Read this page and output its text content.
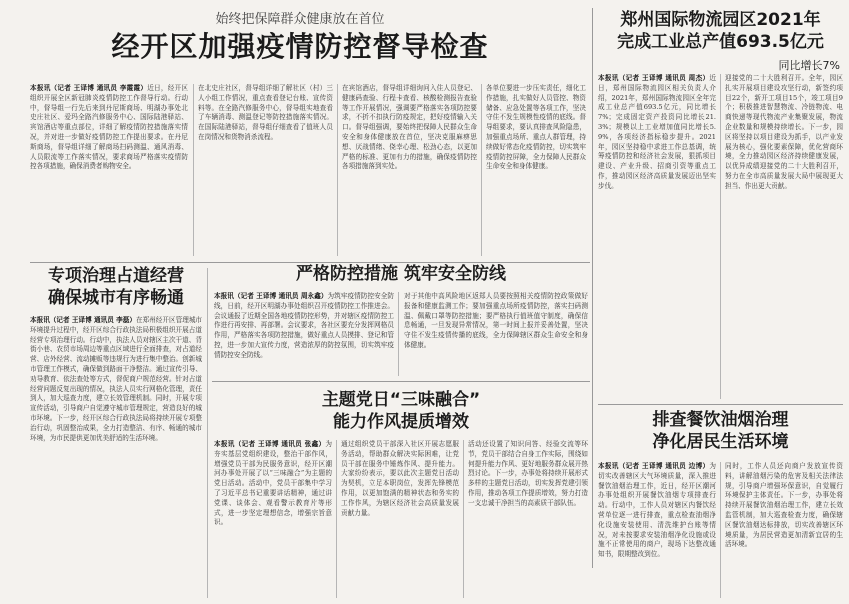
始终把保障群众健康放在首位
经开区加强疫情防控督导检查
本报讯（记者 王译博 通讯员 李霞霞）近日，经开区组织开展全区新冠肺炎疫情防控工作督导行动。行动中，督导组一行先后来到丹尼斯商场、明湖办事处北史庄社区、爱玛全路汽修服务中心、国际陆港驿站、宾馆酒店等重点部位，详细了解疫情防控措施落实情况，并对进一步做好疫情防控工作提出要求。在丹尼斯商场，督导组详细了解商场扫码测温、通风消毒、人员限流等工作落实情况，要求商场严格落实疫情防控各项措施，确保消费者购物安全。
在北史庄社区，督导组详细了解社区（村）三人小组工作情况，重点查看登记台账、宣传资料等。在全路汽修服务中心，督导组实地查看了车辆消毒、测温登记等防控措施落实情况。在国际陆港驿站，督导组仔细查看了值班人员在岗情况和货物消杀流程。
在宾馆酒店，督导组详细询问入住人员登记、健康码查验、行程卡查看、核酸检测报告查验等工作开展情况，强调要严格落实各项防控要求，不折不扣执行防疫规定，把好疫情输入关口。督导组强调，要始终把保障人民群众生命安全和身体健康放在首位，坚决克服麻痹思想、厌战情绪、侥幸心理、松劲心态，以更加严格的标准、更加有力的措施，确保疫情防控各项措施落到实处。
各单位要进一步压实责任，细化工作措施，扎实做好人员管控、物资储备、应急处置等各项工作，坚决守住不发生规模性疫情的底线。督导组要求，要认真排查风险隐患，加强重点场所、重点人群管理，持续做好常态化疫情防控，切实筑牢疫情防控屏障，全力保障人民群众生命安全和身体健康。
郑州国际物流园区2021年
完成工业总产值693.5亿元
同比增长7%
本报讯（记者 王译博 通讯员 周杰）近日，郑州国际物流园区相关负责人介绍，2021年，郑州国际物流园区全年完成工业总产值693.5亿元，同比增长7%；完成固定资产投资同比增长21.3%；规模以上工业增加值同比增长5.9%，各项经济指标稳步提升。2021年，园区坚持稳中求进工作总基调，统筹疫情防控和经济社会发展，狠抓项目建设、产业升级、招商引资等重点工作，推动园区经济高质量发展迈出坚实步伐。
迎接党的二十大胜利召开。全年，园区扎实开展项目建设攻坚行动，新签约项目22个，新开工项目15个，竣工项目9个；积极推进智慧物流、冷链物流、电商快递等现代物流产业集聚发展，物流企业数量和规模持续增长。下一步，园区将坚持以项目建设为抓手，以产业发展为核心，强化要素保障，优化营商环境，全力推动园区经济持续健康发展，以优异成绩迎接党的二十大胜利召开，努力在全市高质量发展大局中展现更大担当、作出更大贡献。
专项治理占道经营
确保城市有序畅通
本报讯（记者 王译博 通讯员 李磊）在郑州经开区管理城市环境提升过程中，经开区综合行政执法局积极组织开展占道经营专项治理行动。行动中，执法人员对辖区主次干道、背街小巷、农贸市场周边等重点区域进行全面排查，对占道经营、店外经营、流动摊贩等违规行为进行集中整治。创新城市管理工作模式，确保做到路面干净整洁。通过宣传引导、劝导教育、依法查处等方式，督促商户规范经营。针对占道经营问题反复出现的情况，执法人员实行网格化管理，责任到人，加大巡查力度，建立长效管理机制。同时，开展专项宣传活动，引导商户自觉遵守城市管理规定，营造良好的城市环境。下一步，经开区综合行政执法局将持续开展专项整治行动，巩固整治成果，全力打造整洁、有序、畅通的城市环境，为市民提供更加优美舒适的生活环境。
严格防控措施 筑牢安全防线
本报讯（记者 王译博 通讯员 周永鑫）为筑牢疫情防控安全防线，日前，经开区明湖办事处组织召开疫情防控工作推进会。会议通报了近期全国各地疫情防控形势，并对辖区疫情防控工作进行再安排、再部署。会议要求，各社区要充分发挥网格员作用，严格落实各项防控措施，做好重点人员摸排、登记和管控，进一步加大宣传力度，营造浓厚的防控氛围，切实筑牢疫情防控安全防线。
对于其他中高风险地区返郑人员要按照相关疫情防控政策做好报备和健康监测工作；要加强重点场所疫情防控，落实扫码测温、佩戴口罩等防控措施；要严格执行值班值守制度，确保信息畅通，一旦发现异常情况，第一时间上报并妥善处置，坚决守住不发生疫情传播的底线，全力保障辖区群众生命安全和身体健康。
主题党日“三味融合”
能力作风提质增效
本报讯（记者 王译博 通讯员 张鑫）为夯实基层党组织建设，整治干部作风，增强党员干部为民服务意识，经开区潮河办事处开展了以“三味融合”为主题的党日活动。活动中，党员干部集中学习了习近平总书记重要讲话精神，通过讲党课、谈体会、观看警示教育片等形式，进一步坚定理想信念，增强宗旨意识。
通过组织党员干部深入社区开展志愿服务活动，帮助群众解决实际困难，让党员干部在服务中锤炼作风、提升能力。大家纷纷表示，要以此次主题党日活动为契机，立足本职岗位，发挥先锋模范作用，以更加饱满的精神状态和务实的工作作风，为辖区经济社会高质量发展贡献力量。
活动还设置了知识问答、经验交流等环节，党员干部结合自身工作实际，围绕如何提升能力作风、更好地服务群众展开热烈讨论。下一步，办事处将持续开展形式多样的主题党日活动，切实发挥党建引领作用，推动各项工作提质增效，努力打造一支忠诚干净担当的高素质干部队伍。
排查餐饮油烟治理
净化居民生活环境
本报讯（记者 王译博 通讯员 边博）为切实改善辖区大气环境质量，深入推进餐饮油烟治理工作，近日，经开区潮河办事处组织开展餐饮油烟专项排查行动。行动中，工作人员对辖区内餐饮经营单位逐一进行排查，重点检查油烟净化设施安装使用、清洗维护台账等情况，对未按要求安装油烟净化设施或设施不正常使用的商户，现场下达整改通知书，限期整改到位。
同时，工作人员还向商户发放宣传资料，讲解油烟污染的危害及相关法律法规，引导商户增强环保意识，自觉履行环境保护主体责任。下一步，办事处将持续开展餐饮油烟治理工作，建立长效监管机制，加大巡查检查力度，确保辖区餐饮油烟达标排放，切实改善辖区环境质量，为居民营造更加清新宜居的生活环境。
